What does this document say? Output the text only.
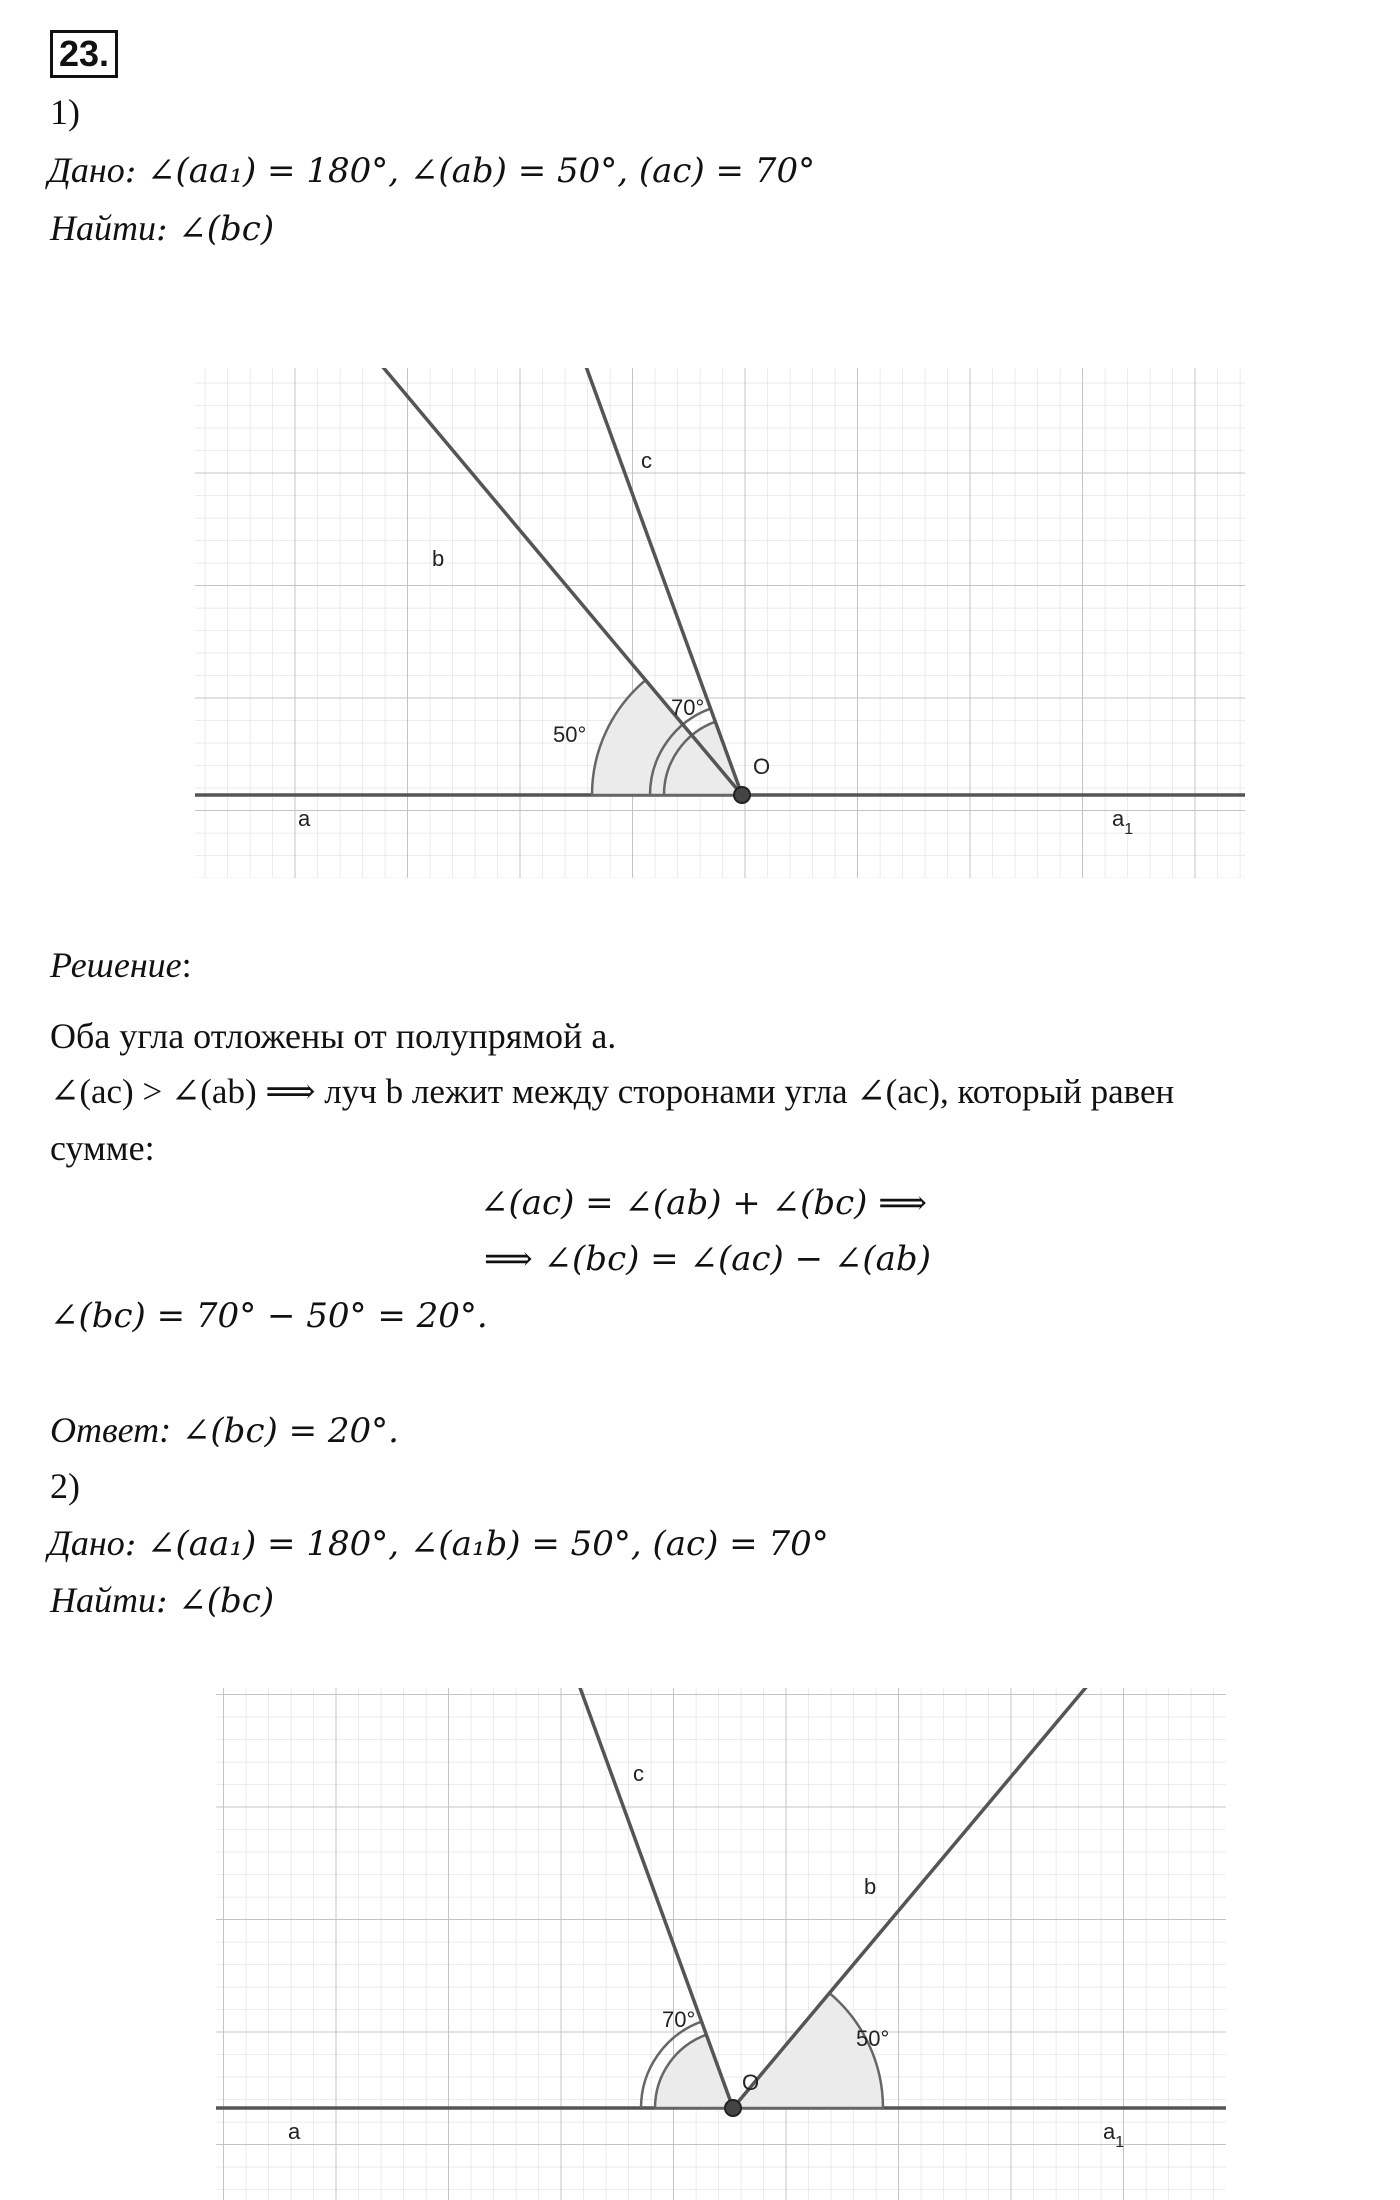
23.
1)
Дано: ∠(aa₁) = 180°, ∠(ab) = 50°, (ac) = 70°
Найти: ∠(bc)
a	$a_1$
b
c
O
50°
70°
Решение:
Оба угла отложены от полупрямой a.
∠(ac) > ∠(ab) ⟹ луч b лежит между сторонами угла ∠(ac), который равен
сумме:
∠(ac) = ∠(ab) + ∠(bc) ⟹
⟹ ∠(bc) = ∠(ac) − ∠(ab)
∠(bc) = 70° − 50° = 20°.
Ответ: ∠(bc) = 20°.
2)
Дано: ∠(aa₁) = 180°, ∠(a₁b) = 50°, (ac) = 70°
Найти: ∠(bc)
a	$a_1$
b
c
O
50°
70°
